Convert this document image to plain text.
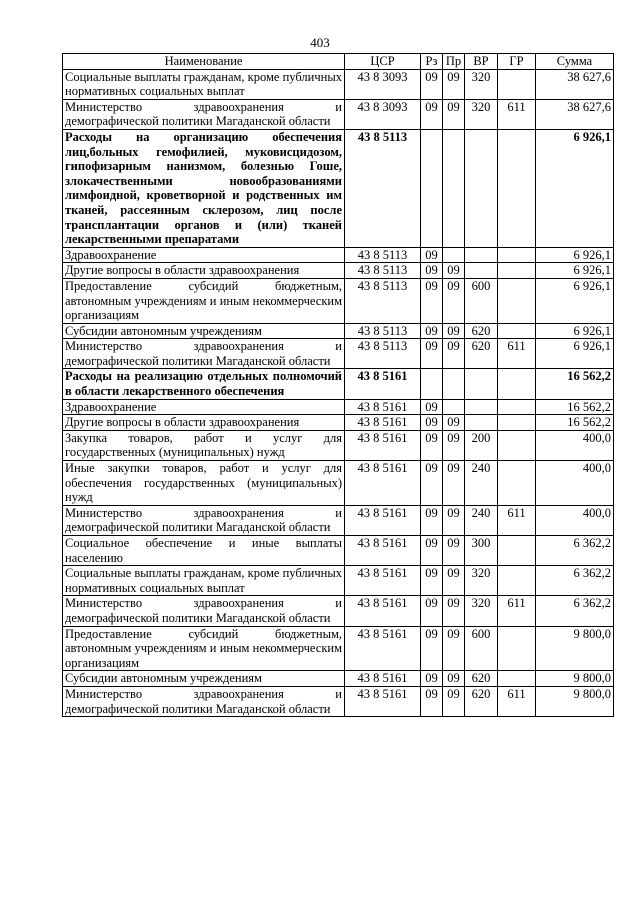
403
Наименование	ЦСР	Рз	Пр	ВР	ГР	Сумма
Социальные выплаты гражданам, кроме публичных нормативных социальных выплат	43 8 3093	09	09	320		38 627,6
Министерство здравоохранения и демографической политики Магаданской области	43 8 3093	09	09	320	611	38 627,6
Расходы на организацию обеспечения лиц,больных гемофилией, муковисцидозом, гипофизарным нанизмом, болезнью Гоше, злокачественными новообразованиями лимфоидной, кроветворной и родственных им тканей, рассеянным склерозом, лиц после трансплантации органов и (или) тканей лекарственными препаратами	43 8 5113					6 926,1
Здравоохранение	43 8 5113	09				6 926,1
Другие вопросы в области здравоохранения	43 8 5113	09	09			6 926,1
Предоставление субсидий бюджетным, автономным учреждениям и иным некоммерческим организациям	43 8 5113	09	09	600		6 926,1
Субсидии автономным учреждениям	43 8 5113	09	09	620		6 926,1
Министерство здравоохранения и демографической политики Магаданской области	43 8 5113	09	09	620	611	6 926,1
Расходы на реализацию отдельных полномочий в области лекарственного обеспечения	43 8 5161					16 562,2
Здравоохранение	43 8 5161	09				16 562,2
Другие вопросы в области здравоохранения	43 8 5161	09	09			16 562,2
Закупка товаров, работ и услуг для государственных (муниципальных) нужд	43 8 5161	09	09	200		400,0
Иные закупки товаров, работ и услуг для обеспечения государственных (муниципальных) нужд	43 8 5161	09	09	240		400,0
Министерство здравоохранения и демографической политики Магаданской области	43 8 5161	09	09	240	611	400,0
Социальное обеспечение и иные выплаты населению	43 8 5161	09	09	300		6 362,2
Социальные выплаты гражданам, кроме публичных нормативных социальных выплат	43 8 5161	09	09	320		6 362,2
Министерство здравоохранения и демографической политики Магаданской области	43 8 5161	09	09	320	611	6 362,2
Предоставление субсидий бюджетным, автономным учреждениям и иным некоммерческим организациям	43 8 5161	09	09	600		9 800,0
Субсидии автономным учреждениям	43 8 5161	09	09	620		9 800,0
Министерство здравоохранения и демографической политики Магаданской области	43 8 5161	09	09	620	611	9 800,0
